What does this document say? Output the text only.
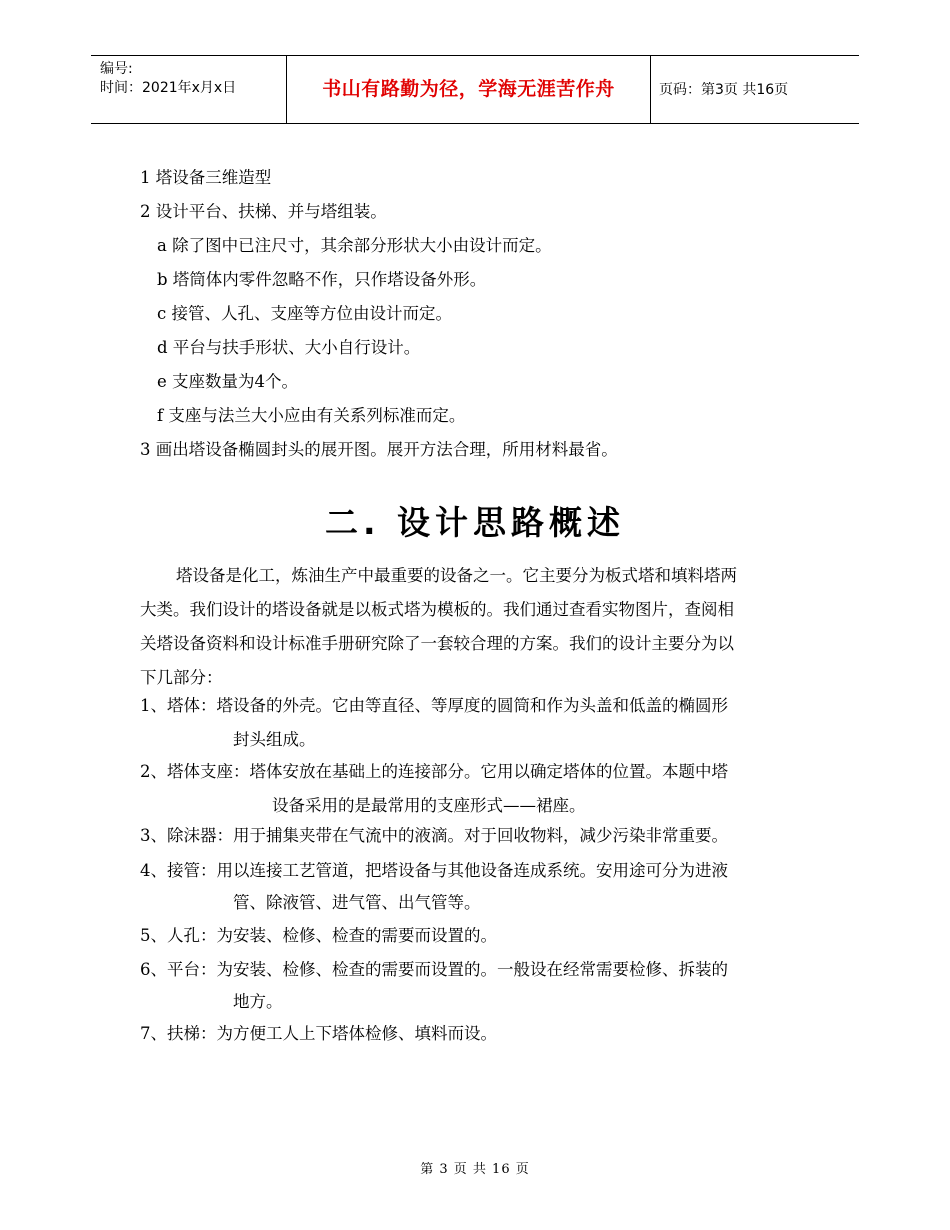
编号:
时间：2021年x月x日	书山有路勤为径，学海无涯苦作舟	页码：第3页 共16页
1 塔设备三维造型
2 设计平台、扶梯、并与塔组装。
a 除了图中已注尺寸，其余部分形状大小由设计而定。
b 塔筒体内零件忽略不作，只作塔设备外形。
c 接管、人孔、支座等方位由设计而定。
d 平台与扶手形状、大小自行设计。
e 支座数量为4个。
f 支座与法兰大小应由有关系列标准而定。
3 画出塔设备椭圆封头的展开图。展开方法合理，所用材料最省。
二. 设计思路概述
塔设备是化工，炼油生产中最重要的设备之一。它主要分为板式塔和填料塔两
大类。我们设计的塔设备就是以板式塔为模板的。我们通过查看实物图片，查阅相
关塔设备资料和设计标准手册研究除了一套较合理的方案。我们的设计主要分为以
下几部分：
1、塔体：塔设备的外壳。它由等直径、等厚度的圆筒和作为头盖和低盖的椭圆形
封头组成。
2、塔体支座：塔体安放在基础上的连接部分。它用以确定塔体的位置。本题中塔
设备采用的是最常用的支座形式——裙座。
3、除沫器：用于捕集夹带在气流中的液滴。对于回收物料，减少污染非常重要。
4、接管：用以连接工艺管道，把塔设备与其他设备连成系统。安用途可分为进液
管、除液管、进气管、出气管等。
5、人孔：为安装、检修、检查的需要而设置的。
6、平台：为安装、检修、检查的需要而设置的。一般设在经常需要检修、拆装的
地方。
7、扶梯：为方便工人上下塔体检修、填料而设。
第 3 页 共 16 页
